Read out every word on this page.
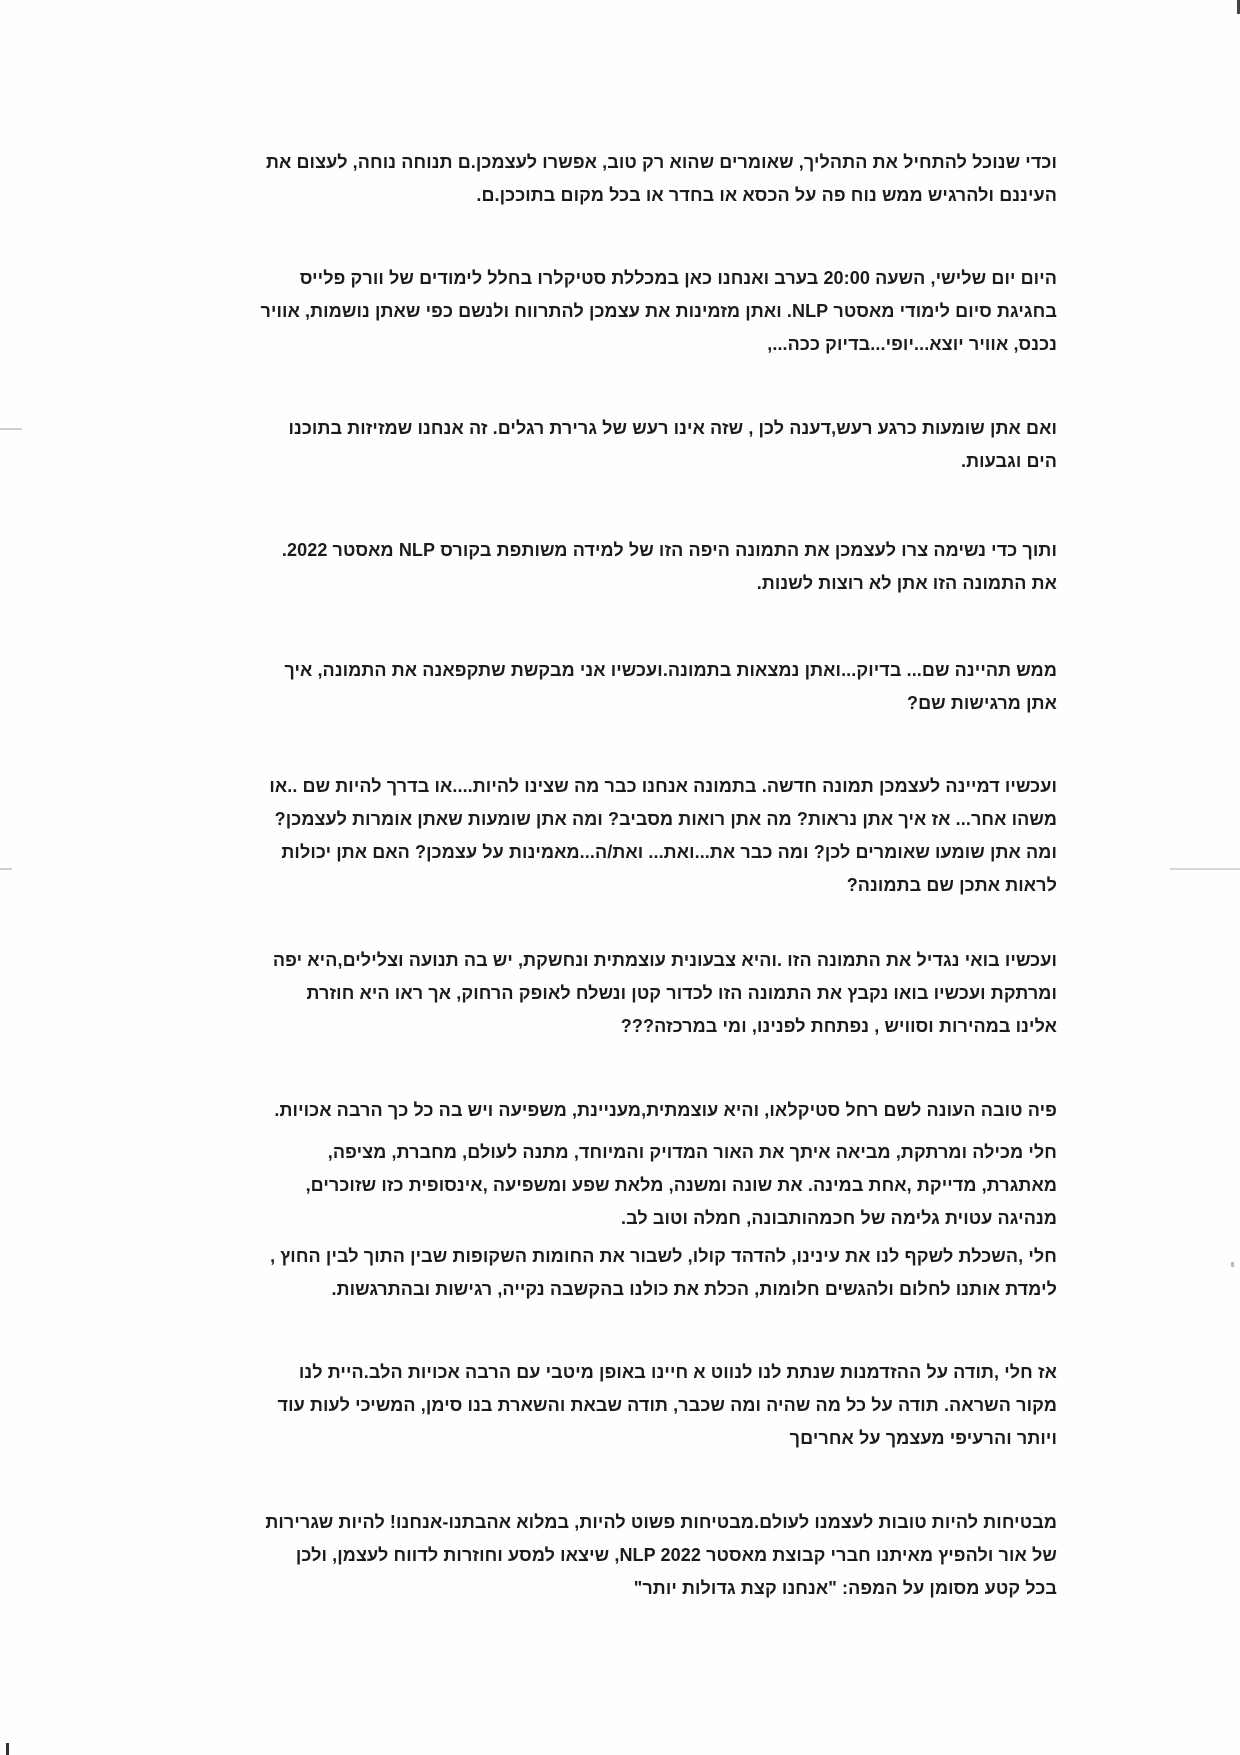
וכדי שנוכל להתחיל את התהליך, שאומרים שהוא רק טוב, אפשרו לעצמכן.ם תנוחה נוחה, לעצום את
העיננם ולהרגיש ממש נוח פה על הכסא או בחדר או בכל מקום בתוככן.ם.

היום יום שלישי, השעה 20:00 בערב ואנחנו כאן במכללת סטיקלרו בחלל לימודים של וורק פלייס
בחגיגת סיום לימודי מאסטר NLP. ואתן מזמינות את עצמכן להתרווח ולנשם כפי שאתן נושמות, אוויר
נכנס, אוויר יוצא...יופי...בדיוק ככה...,

ואם אתן שומעות כרגע רעש,דענה לכן , שזה אינו רעש של גרירת רגלים. זה אנחנו שמזיזות בתוכנו
הים וגבעות.

ותוך כדי נשימה צרו לעצמכן את התמונה היפה הזו של למידה משותפת בקורס NLP מאסטר 2022.
את התמונה הזו אתן לא רוצות לשנות.

ממש תהיינה שם... בדיוק...ואתן נמצאות בתמונה.ועכשיו אני מבקשת שתקפאנה את התמונה, איך
אתן מרגישות שם?

ועכשיו דמיינה לעצמכן תמונה חדשה. בתמונה אנחנו כבר מה שצינו להיות....או בדרך להיות שם ..או
משהו אחר... אז איך אתן נראות? מה אתן רואות מסביב? ומה אתן שומעות שאתן אומרות לעצמכן?
ומה אתן שומעו שאומרים לכן? ומה כבר את...ואת... ואת/ה...מאמינות על עצמכן? האם אתן יכולות
לראות אתכן שם בתמונה?

ועכשיו בואי נגדיל את התמונה הזו .והיא צבעונית עוצמתית ונחשקת, יש בה תנועה וצלילים,היא יפה
ומרתקת ועכשיו בואו נקבץ את התמונה הזו לכדור קטן ונשלח לאופק הרחוק, אך ראו היא חוזרת
אלינו במהירות וסוויש , נפתחת לפנינו, ומי במרכזה???

פיה טובה העונה לשם רחל סטיקלאו, והיא עוצמתית,מעניינת, משפיעה ויש בה כל כך הרבה אכויות.

חלי מכילה ומרתקת, מביאה איתך את האור המדויק והמיוחד, מתנה לעולם, מחברת, מציפה,
מאתגרת, מדייקת ,אחת במינה. את שונה ומשנה, מלאת שפע ומשפיעה ,אינסופית כזו שזוכרים,
מנהיגה עטוית גלימה של חכמהותבונה, חמלה וטוב לב.

חלי ,השכלת לשקף לנו את עינינו, להדהד קולו, לשבור את החומות השקופות שבין התוך לבין החוץ ,
לימדת אותנו לחלום ולהגשים חלומות, הכלת את כולנו בהקשבה נקייה, רגישות ובהתרגשות.

אז חלי ,תודה על ההזדמנות שנתת לנו לנווט א חיינו באופן מיטבי עם הרבה אכויות הלב.היית לנו
מקור השראה. תודה על כל מה שהיה ומה שכבר, תודה שבאת והשארת בנו סימן, המשיכי לעות עוד
ויותר והרעיפי מעצמך על אחריםך

מבטיחות להיות טובות לעצמנו לעולם.מבטיחות פשוט להיות, במלוא אהבתנו-אנחנו! להיות שגרירות
של אור ולהפיץ מאיתנו חברי קבוצת מאסטר NLP 2022, שיצאו למסע וחוזרות לדווח לעצמן, ולכן
בכל קטע מסומן על המפה: "אנחנו קצת גדולות יותר"
